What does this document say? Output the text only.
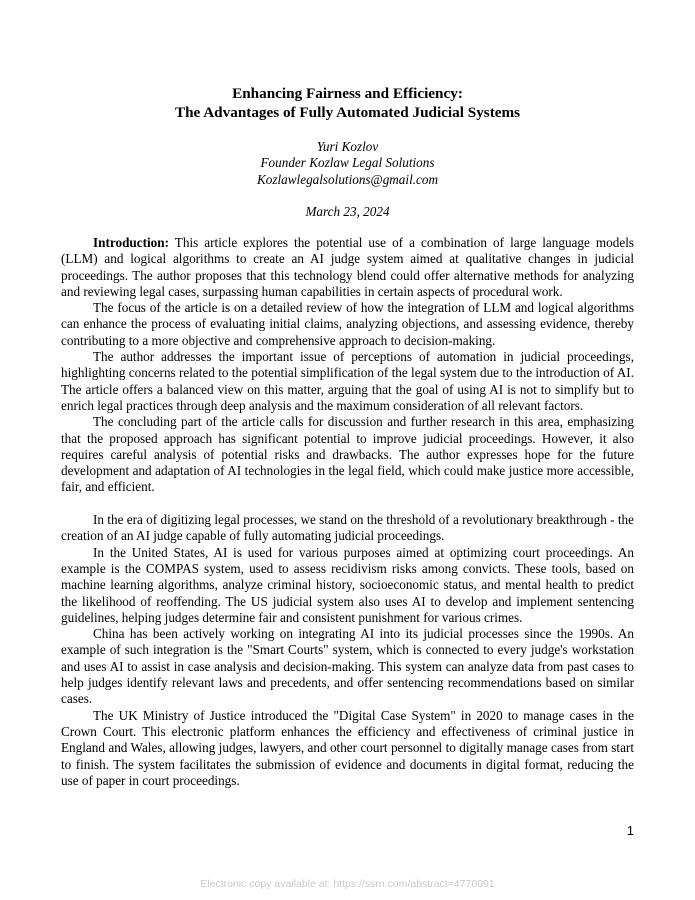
Enhancing Fairness and Efficiency:
The Advantages of Fully Automated Judicial Systems
Yuri Kozlov
Founder Kozlaw Legal Solutions
Kozlawlegalsolutions@gmail.com
March 23, 2024

Introduction: This article explores the potential use of a combination of large language models (LLM) and logical algorithms to create an AI judge system aimed at qualitative changes in judicial proceedings. The author proposes that this technology blend could offer alternative methods for analyzing and reviewing legal cases, surpassing human capabilities in certain aspects of procedural work.

The focus of the article is on a detailed review of how the integration of LLM and logical algorithms can enhance the process of evaluating initial claims, analyzing objections, and assessing evidence, thereby contributing to a more objective and comprehensive approach to decision-making.

The author addresses the important issue of perceptions of automation in judicial proceedings, highlighting concerns related to the potential simplification of the legal system due to the introduction of AI. The article offers a balanced view on this matter, arguing that the goal of using AI is not to simplify but to enrich legal practices through deep analysis and the maximum consideration of all relevant factors.

The concluding part of the article calls for discussion and further research in this area, emphasizing that the proposed approach has significant potential to improve judicial proceedings. However, it also requires careful analysis of potential risks and drawbacks. The author expresses hope for the future development and adaptation of AI technologies in the legal field, which could make justice more accessible, fair, and efficient.

In the era of digitizing legal processes, we stand on the threshold of a revolutionary breakthrough - the creation of an AI judge capable of fully automating judicial proceedings.

In the United States, AI is used for various purposes aimed at optimizing court proceedings. An example is the COMPAS system, used to assess recidivism risks among convicts. These tools, based on machine learning algorithms, analyze criminal history, socioeconomic status, and mental health to predict the likelihood of reoffending. The US judicial system also uses AI to develop and implement sentencing guidelines, helping judges determine fair and consistent punishment for various crimes.

China has been actively working on integrating AI into its judicial processes since the 1990s. An example of such integration is the "Smart Courts" system, which is connected to every judge's workstation and uses AI to assist in case analysis and decision-making. This system can analyze data from past cases to help judges identify relevant laws and precedents, and offer sentencing recommendations based on similar cases.

The UK Ministry of Justice introduced the "Digital Case System" in 2020 to manage cases in the Crown Court. This electronic platform enhances the efficiency and effectiveness of criminal justice in England and Wales, allowing judges, lawyers, and other court personnel to digitally manage cases from start to finish. The system facilitates the submission of evidence and documents in digital format, reducing the use of paper in court proceedings.

1
Electronic copy available at: https://ssrn.com/abstract=4770091
